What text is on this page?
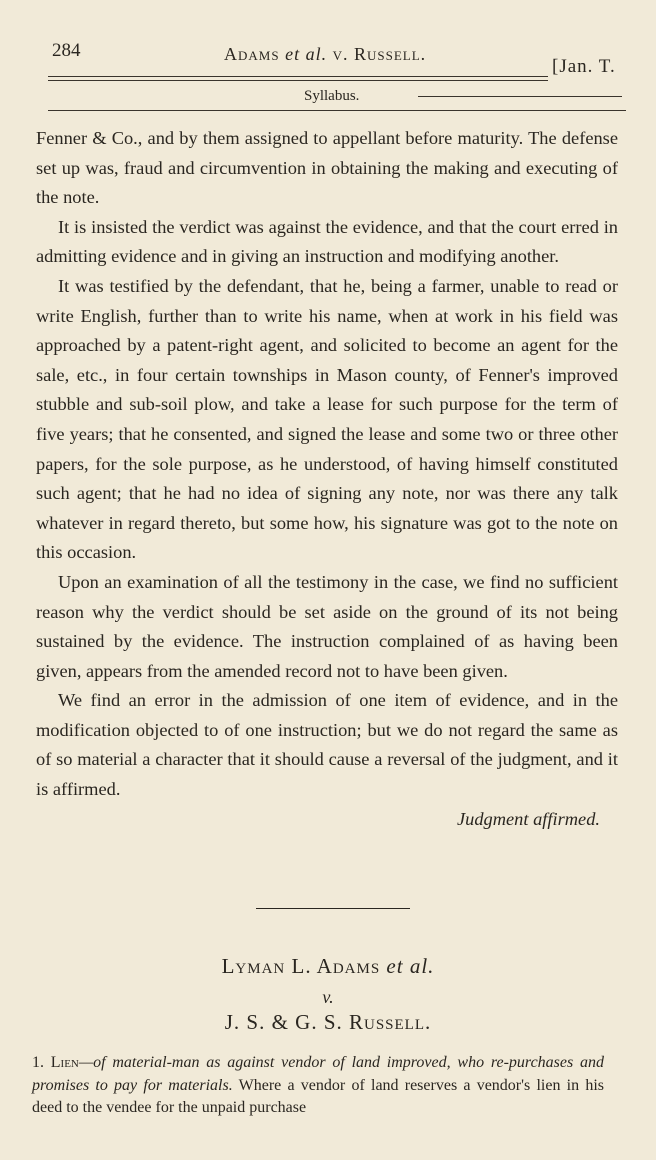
284	Adams et al. v. Russell.
[Jan. T.
Syllabus.

Fenner & Co., and by them assigned to appellant before maturity. The defense set up was, fraud and circumvention in obtaining the making and executing of the note.

It is insisted the verdict was against the evidence, and that the court erred in admitting evidence and in giving an instruction and modifying another.

It was testified by the defendant, that he, being a farmer, unable to read or write English, further than to write his name, when at work in his field was approached by a patent-right agent, and solicited to become an agent for the sale, etc., in four certain townships in Mason county, of Fenner's improved stubble and sub-soil plow, and take a lease for such purpose for the term of five years; that he consented, and signed the lease and some two or three other papers, for the sole purpose, as he understood, of having himself constituted such agent; that he had no idea of signing any note, nor was there any talk whatever in regard thereto, but some how, his signature was got to the note on this occasion.

Upon an examination of all the testimony in the case, we find no sufficient reason why the verdict should be set aside on the ground of its not being sustained by the evidence. The instruction complained of as having been given, appears from the amended record not to have been given.

We find an error in the admission of one item of evidence, and in the modification objected to of one instruction; but we do not regard the same as of so material a character that it should cause a reversal of the judgment, and it is affirmed.

Judgment affirmed.

Lyman L. Adams et al.
v.
J. S. & G. S. Russell.
1. Lien—of material-man as against vendor of land improved, who re-purchases and promises to pay for materials. Where a vendor of land reserves a vendor's lien in his deed to the vendee for the unpaid purchase
